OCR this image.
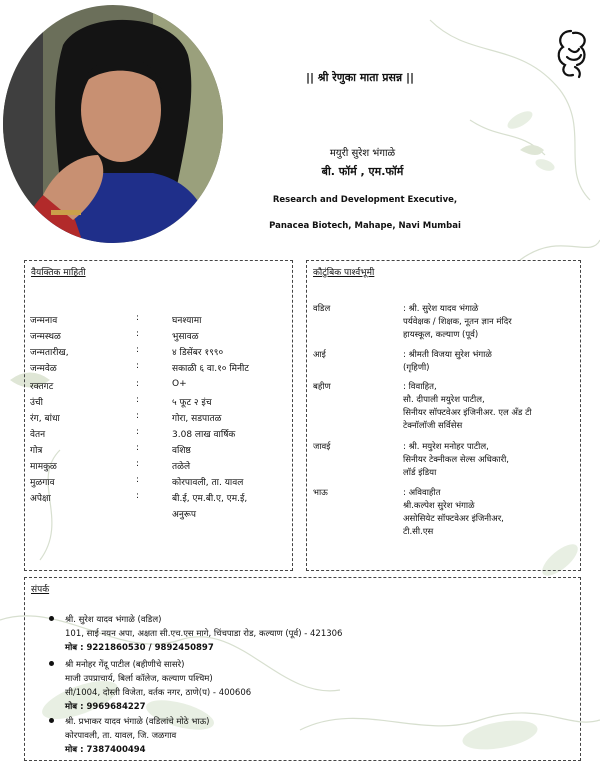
|| श्री रेणुका माता प्रसन्न ||
मयुरी सुरेश भंगाळे
बी. फॉर्म , एम.फॉर्म
Research and Development Executive,
Panacea Biotech, Mahape, Navi Mumbai
वैयक्तिक माहिती
जन्मनाव	:	घनश्यामा
जन्मस्थळ	:	भुसावळ
जन्मतारीख,	:	४ डिसेंबर १९९०
जन्मवेळ	:	सकाळी ६ वा.१० मिनीट
रक्तगट	:	O+
उंची	:	५ फूट २ इंच
रंग, बांधा	:	गोरा, सडपातळ
वेतन	:	3.08 लाख वार्षिक
गोत्र	:	वशिष्ठ
मामकुळ	:	तळेले
मुळगाव	:	कोरपावली, ता. यावल
अपेक्षा	:	बी.ई, एम.बी.ए, एम.ई,
अनुरूप
कौटुंबिक पार्श्वभूमी
वडिल	: श्री. सुरेश यादव भंगाळे
पर्यवेक्षक / शिक्षक, नूतन ज्ञान मंदिर
हायस्कूल, कल्याण (पूर्व)
आई	: श्रीमती विजया सुरेश भंगाळे
(गृहिणी)
बहीण	: विवाहित,
सौ. दीपाली मयुरेश पाटील,
सिनीयर सॉफ्टवेअर इंजिनीअर. एल अँड टी
टेक्नॉलॉजी सर्विसेस
जावई	: श्री. मयुरेश मनोहर पाटील,
सिनीयर टेक्नीकल सेल्स अधिकारी,
लॉर्ड इंडिया
भाऊ	: अविवाहीत
श्री.कल्पेश सुरेश भंगाळे
असोसियेट सॉफ्टवेअर इंजिनीअर,
टी.सी.एस
संपर्क
श्री. सुरेश यादव भंगाळे (वडिल)
101, साई नयन अपा, अक्षता सी.एच.एस मागे, चिंचपाडा रोड, कल्याण (पूर्व) - 421306
मोब : 9221860530 / 9892450897
श्री मनोहर गेंदू पाटील (बहीणीचे सासरे)
माजी उपप्राचार्य, बिर्ला कॉलेज, कल्याण पश्चिम)
सी/1004, दोस्ती विजेता, वर्तक नगर, ठाणे(प) - 400606
मोब : 9969684227
श्री. प्रभाकर यादव भंगाळे (वडिलांचे मोठे भाऊ)
कोरपावली, ता. यावल, जि. जळगाव
मोब : 7387400494
